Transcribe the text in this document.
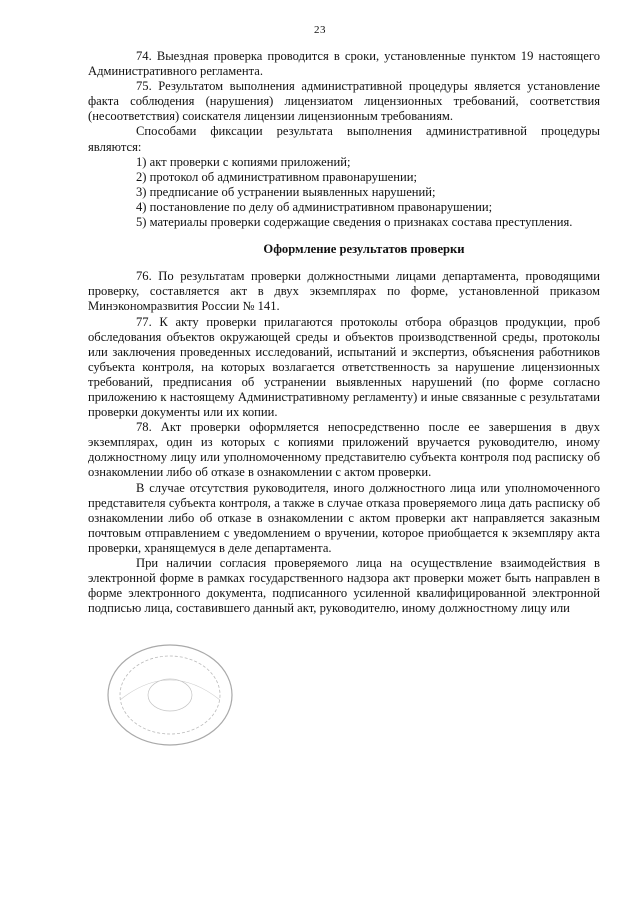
23

74. Выездная проверка проводится в сроки, установленные пунктом 19 настоящего Административного регламента.

75. Результатом выполнения административной процедуры является установление факта соблюдения (нарушения) лицензиатом лицензионных требований, соответствия (несоответствия) соискателя лицензии лицензионным требованиям.

Способами фиксации результата выполнения административной процедуры являются:

1) акт проверки с копиями приложений;

2) протокол об административном правонарушении;

3) предписание об устранении выявленных нарушений;

4) постановление по делу об административном правонарушении;

5) материалы проверки содержащие сведения о признаках состава преступления.

Оформление результатов проверки

76. По результатам проверки должностными лицами департамента, проводящими проверку, составляется акт в двух экземплярах по форме, установленной приказом Минэкономразвития России № 141.

77. К акту проверки прилагаются протоколы отбора образцов продукции, проб обследования объектов окружающей среды и объектов производственной среды, протоколы или заключения проведенных исследований, испытаний и экспертиз, объяснения работников субъекта контроля, на которых возлагается ответственность за нарушение лицензионных требований, предписания об устранении выявленных нарушений (по форме согласно приложению к настоящему Административному регламенту) и иные связанные с результатами проверки документы или их копии.

78. Акт проверки оформляется непосредственно после ее завершения в двух экземплярах, один из которых с копиями приложений вручается руководителю, иному должностному лицу или уполномоченному представителю субъекта контроля под расписку об ознакомлении либо об отказе в ознакомлении с актом проверки.

В случае отсутствия руководителя, иного должностного лица или уполномоченного представителя субъекта контроля, а также в случае отказа проверяемого лица дать расписку об ознакомлении либо об отказе в ознакомлении с актом проверки акт направляется заказным почтовым отправлением с уведомлением о вручении, которое приобщается к экземпляру акта проверки, хранящемуся в деле департамента.

При наличии согласия проверяемого лица на осуществление взаимодействия в электронной форме в рамках государственного надзора акт проверки может быть направлен в форме электронного документа, подписанного усиленной квалифицированной электронной подписью лица, составившего данный акт, руководителю, иному должностному лицу или
